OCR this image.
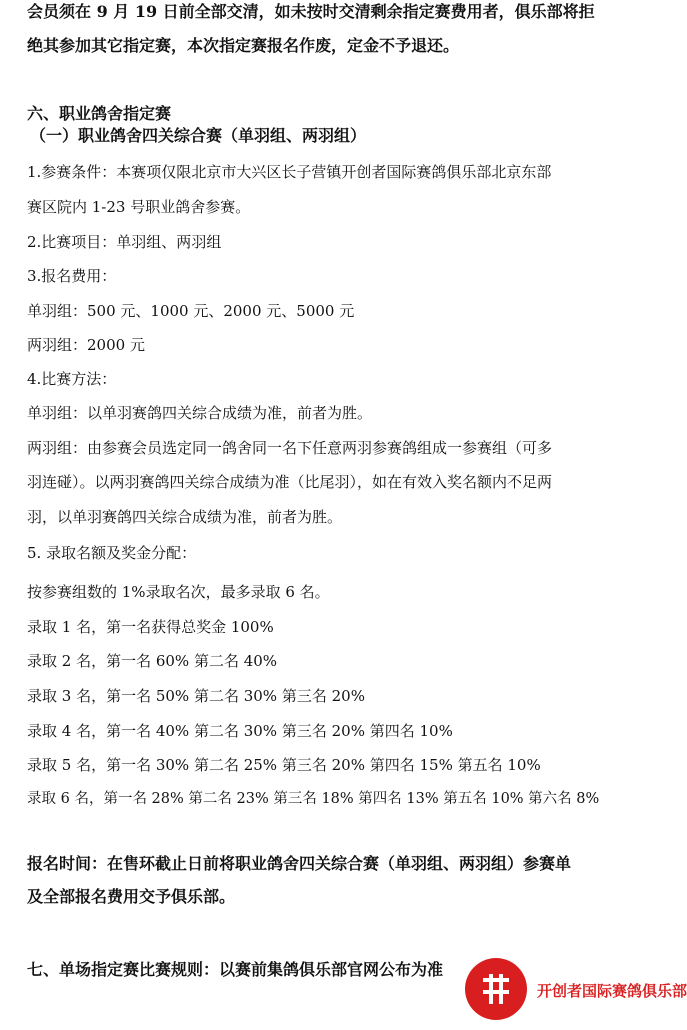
会员须在 9 月 19 日前全部交清，如未按时交清剩余指定赛费用者，俱乐部将拒
绝其参加其它指定赛，本次指定赛报名作废，定金不予退还。
六、职业鸽舍指定赛
（一）职业鸽舍四关综合赛（单羽组、两羽组）
1.参赛条件：本赛项仅限北京市大兴区长子营镇开创者国际赛鸽俱乐部北京东部
赛区院内 1-23 号职业鸽舍参赛。
2.比赛项目：单羽组、两羽组
3.报名费用：
单羽组：500 元、1000 元、2000 元、5000 元
两羽组：2000 元
4.比赛方法：
单羽组：以单羽赛鸽四关综合成绩为准，前者为胜。
两羽组：由参赛会员选定同一鸽舍同一名下任意两羽参赛鸽组成一参赛组（可多
羽连碰）。以两羽赛鸽四关综合成绩为准（比尾羽），如在有效入奖名额内不足两
羽，以单羽赛鸽四关综合成绩为准，前者为胜。
5. 录取名额及奖金分配：
按参赛组数的 1%录取名次，最多录取 6 名。
录取 1 名，第一名获得总奖金 100%
录取 2 名，第一名 60% 第二名 40%
录取 3 名，第一名 50% 第二名 30% 第三名 20%
录取 4 名，第一名 40% 第二名 30% 第三名 20% 第四名 10%
录取 5 名，第一名 30% 第二名 25% 第三名 20% 第四名 15% 第五名 10%
录取 6 名，第一名 28% 第二名 23% 第三名 18% 第四名 13% 第五名 10% 第六名 8%
报名时间：在售环截止日前将职业鸽舍四关综合赛（单羽组、两羽组）参赛单
及全部报名费用交予俱乐部。
七、单场指定赛比赛规则：以赛前集鸽俱乐部官网公布为准
开创者国际赛鸽俱乐部
